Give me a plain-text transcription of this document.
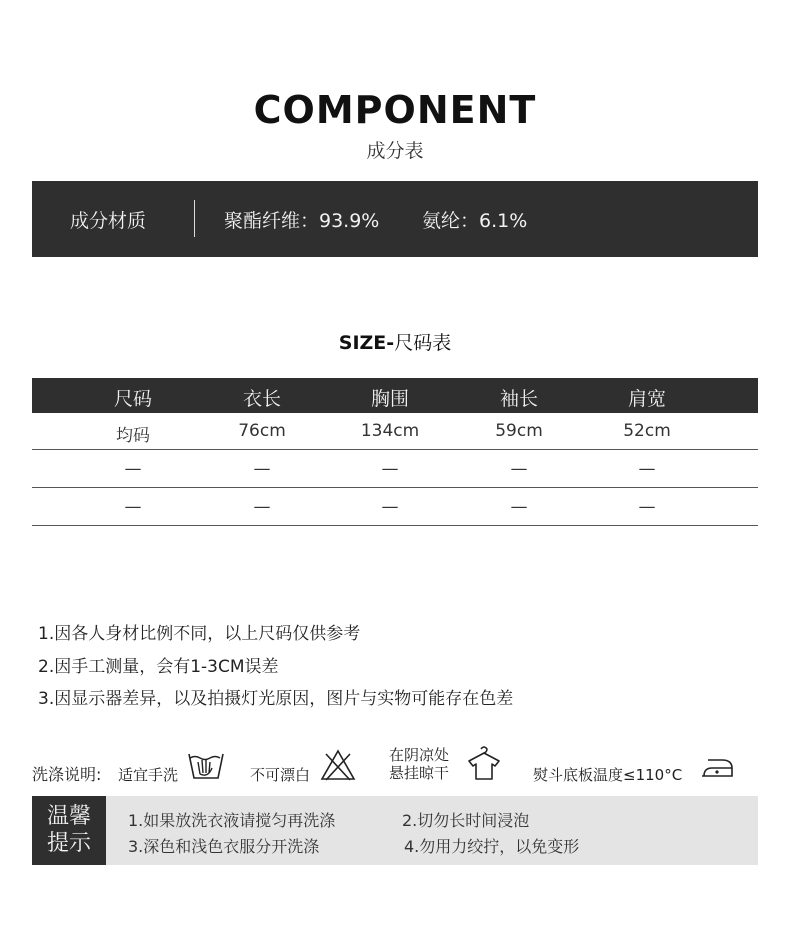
COMPONENT
成分表
成分材质	聚酯纤维：93.9% 氨纶：6.1%
SIZE-尺码表
尺码	衣长	胸围	袖长	肩宽
均码	76cm	134cm	59cm	52cm
—	—	—	—	—
—	—	—	—	—
1.因各人身材比例不同，以上尺码仅供参考
2.因手工测量，会有1-3CM误差
3.因显示器差异，以及拍摄灯光原因，图片与实物可能存在色差
洗涤说明: 适宜手洗	不可漂白
在阴凉处
悬挂晾干	熨斗底板温度≤110°C
温馨
提示
1.如果放洗衣液请搅匀再洗涤	2.切勿长时间浸泡
3.深色和浅色衣服分开洗涤	4.勿用力绞拧，以免变形
